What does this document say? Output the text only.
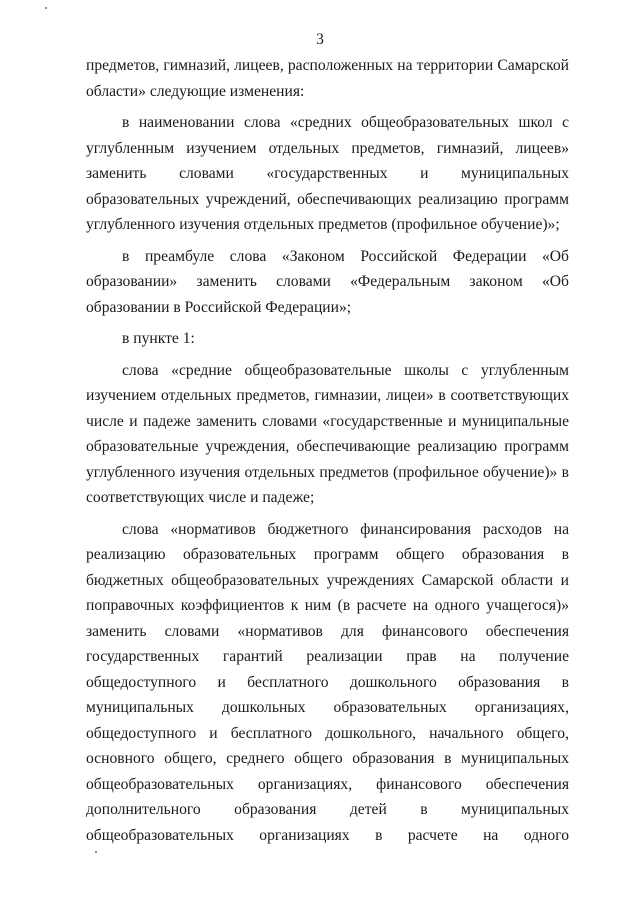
3

предметов, гимназий, лицеев, расположенных на территории Самарской области» следующие изменения:

в наименовании слова «средних общеобразовательных школ с углубленным изучением отдельных предметов, гимназий, лицеев» заменить словами «государственных и муниципальных образовательных учреждений, обеспечивающих реализацию программ углубленного изучения отдельных предметов (профильное обучение)»;

в преамбуле слова «Законом Российской Федерации «Об образовании» заменить словами «Федеральным законом «Об образовании в Российской Федерации»;

в пункте 1:

слова «средние общеобразовательные школы с углубленным изучением отдельных предметов, гимназии, лицеи» в соответствующих числе и падеже заменить словами «государственные и муниципальные образовательные учреждения, обеспечивающие реализацию программ углубленного изучения отдельных предметов (профильное обучение)» в соответствующих числе и падеже;

слова «нормативов бюджетного финансирования расходов на реализацию образовательных программ общего образования в бюджетных общеобразовательных учреждениях Самарской области и поправочных коэффициентов к ним (в расчете на одного учащегося)» заменить словами «нормативов для финансового обеспечения государственных гарантий реализации прав на получение общедоступного и бесплатного дошкольного образования в муниципальных дошкольных образовательных организациях, общедоступного и бесплатного дошкольного, начального общего, основного общего, среднего общего образования в муниципальных общеобразовательных организациях, финансового обеспечения дополнительного образования детей в муниципальных общеобразовательных организациях в расчете на одного
